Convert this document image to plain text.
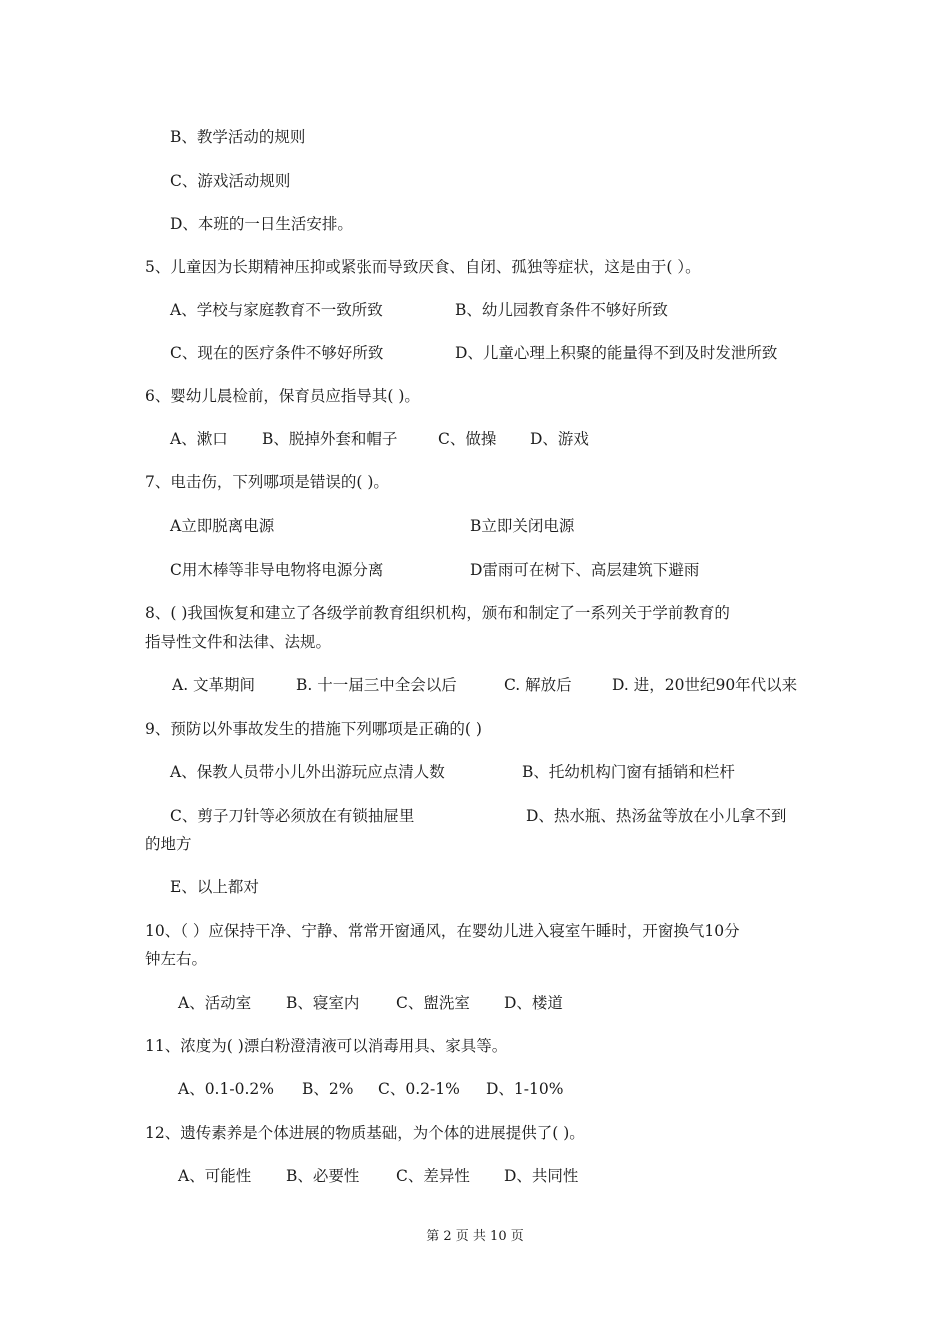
B、教学活动的规则
C、游戏活动规则
D、本班的一日生活安排。
5、儿童因为长期精神压抑或紧张而导致厌食、自闭、孤独等症状，这是由于( ）。
A、学校与家庭教育不一致所致	B、幼儿园教育条件不够好所致
C、现在的医疗条件不够好所致	D、儿童心理上积聚的能量得不到及时发泄所致
6、婴幼儿晨检前，保育员应指导其( )。
A、漱口 B、脱掉外套和帽子	C、做操 D、游戏
7、电击伤，下列哪项是错误的( )。
A立即脱离电源	B立即关闭电源
C用木棒等非导电物将电源分离	D雷雨可在树下、高层建筑下避雨
8、( )我国恢复和建立了各级学前教育组织机构，颁布和制定了一系列关于学前教育的
指导性文件和法律、法规。
A. 文革期间	B. 十一届三中全会以后	C. 解放后	D. 进，20世纪90年代以来
9、预防以外事故发生的措施下列哪项是正确的( )
A、保教人员带小儿外出游玩应点清人数	B、托幼机构门窗有插销和栏杆
C、剪子刀针等必须放在有锁抽屉里	D、热水瓶、热汤盆等放在小儿拿不到
的地方
E、以上都对
10、（ ）应保持干净、宁静、常常开窗通风，在婴幼儿进入寝室午睡时，开窗换气10分
钟左右。
A、活动室 B、寝室内 C、盥洗室 D、楼道
11、浓度为( )漂白粉澄清液可以消毒用具、家具等。
A、0.1-0.2% B、2% C、0.2-1% D、1-10%
12、遗传素养是个体进展的物质基础，为个体的进展提供了( )。
A、可能性 B、必要性 C、差异性 D、共同性
第 2 页 共 10 页
